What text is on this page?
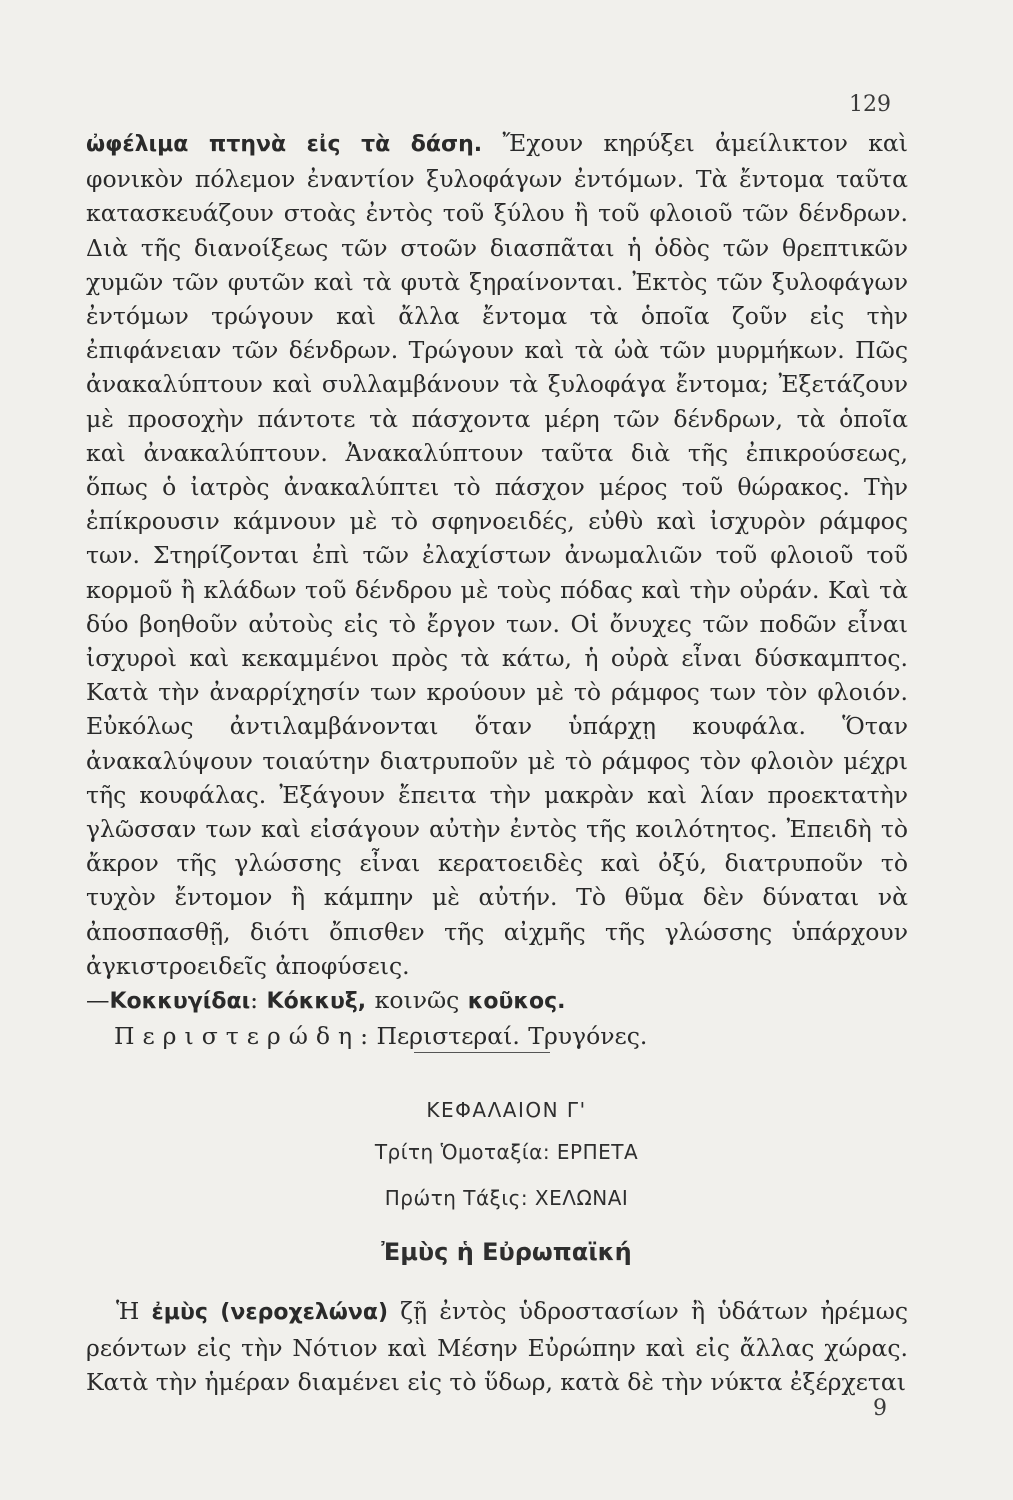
129

ὠφέλιμα πτηνὰ εἰς τὰ δάση. Ἔχουν κηρύξει ἀμείλικτον καὶ φονικὸν πόλεμον ἐναντίον ξυλοφάγων ἐντόμων. Τὰ ἔντομα ταῦτα κατασκευάζουν στοὰς ἐντὸς τοῦ ξύλου ἢ τοῦ φλοιοῦ τῶν δένδρων. Διὰ τῆς διανοίξεως τῶν στοῶν διασπᾶται ἡ ὁδὸς τῶν θρεπτικῶν χυμῶν τῶν φυτῶν καὶ τὰ φυτὰ ξηραίνονται. Ἐκτὸς τῶν ξυλοφάγων ἐντόμων τρώγουν καὶ ἄλλα ἔντομα τὰ ὁποῖα ζοῦν εἰς τὴν ἐπιφάνειαν τῶν δένδρων. Τρώγουν καὶ τὰ ὠὰ τῶν μυρμήκων. Πῶς ἀνακαλύπτουν καὶ συλλαμβάνουν τὰ ξυλοφάγα ἔντομα; Ἐξετάζουν μὲ προσοχὴν πάντοτε τὰ πάσχοντα μέρη τῶν δένδρων, τὰ ὁποῖα καὶ ἀνακαλύπτουν. Ἀνακαλύπτουν ταῦτα διὰ τῆς ἐπικρούσεως, ὅπως ὁ ἰατρὸς ἀνακαλύπτει τὸ πάσχον μέρος τοῦ θώρακος. Τὴν ἐπίκρουσιν κάμνουν μὲ τὸ σφηνοειδές, εὐθὺ καὶ ἰσχυρὸν ράμφος των. Στηρίζονται ἐπὶ τῶν ἐλαχίστων ἀνωμαλιῶν τοῦ φλοιοῦ τοῦ κορμοῦ ἢ κλάδων τοῦ δένδρου μὲ τοὺς πόδας καὶ τὴν οὐράν. Καὶ τὰ δύο βοηθοῦν αὐτοὺς εἰς τὸ ἔργον των. Οἱ ὄνυχες τῶν ποδῶν εἶναι ἰσχυροὶ καὶ κεκαμμένοι πρὸς τὰ κάτω, ἡ οὐρὰ εἶναι δύσκαμπτος. Κατὰ τὴν ἀναρρίχησίν των κρούουν μὲ τὸ ράμφος των τὸν φλοιόν. Εὐκόλως ἀντιλαμβάνονται ὅταν ὑπάρχῃ κουφάλα. Ὅταν ἀνακαλύψουν τοιαύτην διατρυποῦν μὲ τὸ ράμφος τὸν φλοιὸν μέχρι τῆς κουφάλας. Ἐξάγουν ἔπειτα τὴν μακρὰν καὶ λίαν προεκτατὴν γλῶσσαν των καὶ εἰσάγουν αὐτὴν ἐντὸς τῆς κοιλότητος. Ἐπειδὴ τὸ ἄκρον τῆς γλώσσης εἶναι κερατοειδὲς καὶ ὀξύ, διατρυποῦν τὸ τυχὸν ἔντομον ἢ κάμπην μὲ αὐτήν. Τὸ θῦμα δὲν δύναται νὰ ἀποσπασθῇ, διότι ὄπισθεν τῆς αἰχμῆς τῆς γλώσσης ὑπάρχουν ἀγκιστροειδεῖς ἀποφύσεις.

—Κοκκυγίδαι: Κόκκυξ, κοινῶς κοῦκος.

Περιστερώδη: Περιστεραί. Τρυγόνες.

ΚΕΦΑΛΑΙΟΝ Γ'
Τρίτη Ὁμοταξία: ΕΡΠΕΤΑ
Πρώτη Τάξις: ΧΕΛΩΝΑΙ
Ἐμὺς ἡ Εὐρωπαϊκή

Ἡ ἐμὺς (νεροχελώνα) ζῇ ἐντὸς ὑδροστασίων ἢ ὑδάτων ἠρέμως ρεόντων εἰς τὴν Νότιον καὶ Μέσην Εὐρώπην καὶ εἰς ἄλλας χώρας. Κατὰ τὴν ἡμέραν διαμένει εἰς τὸ ὕδωρ, κατὰ δὲ τὴν νύκτα ἐξέρχεται

9
